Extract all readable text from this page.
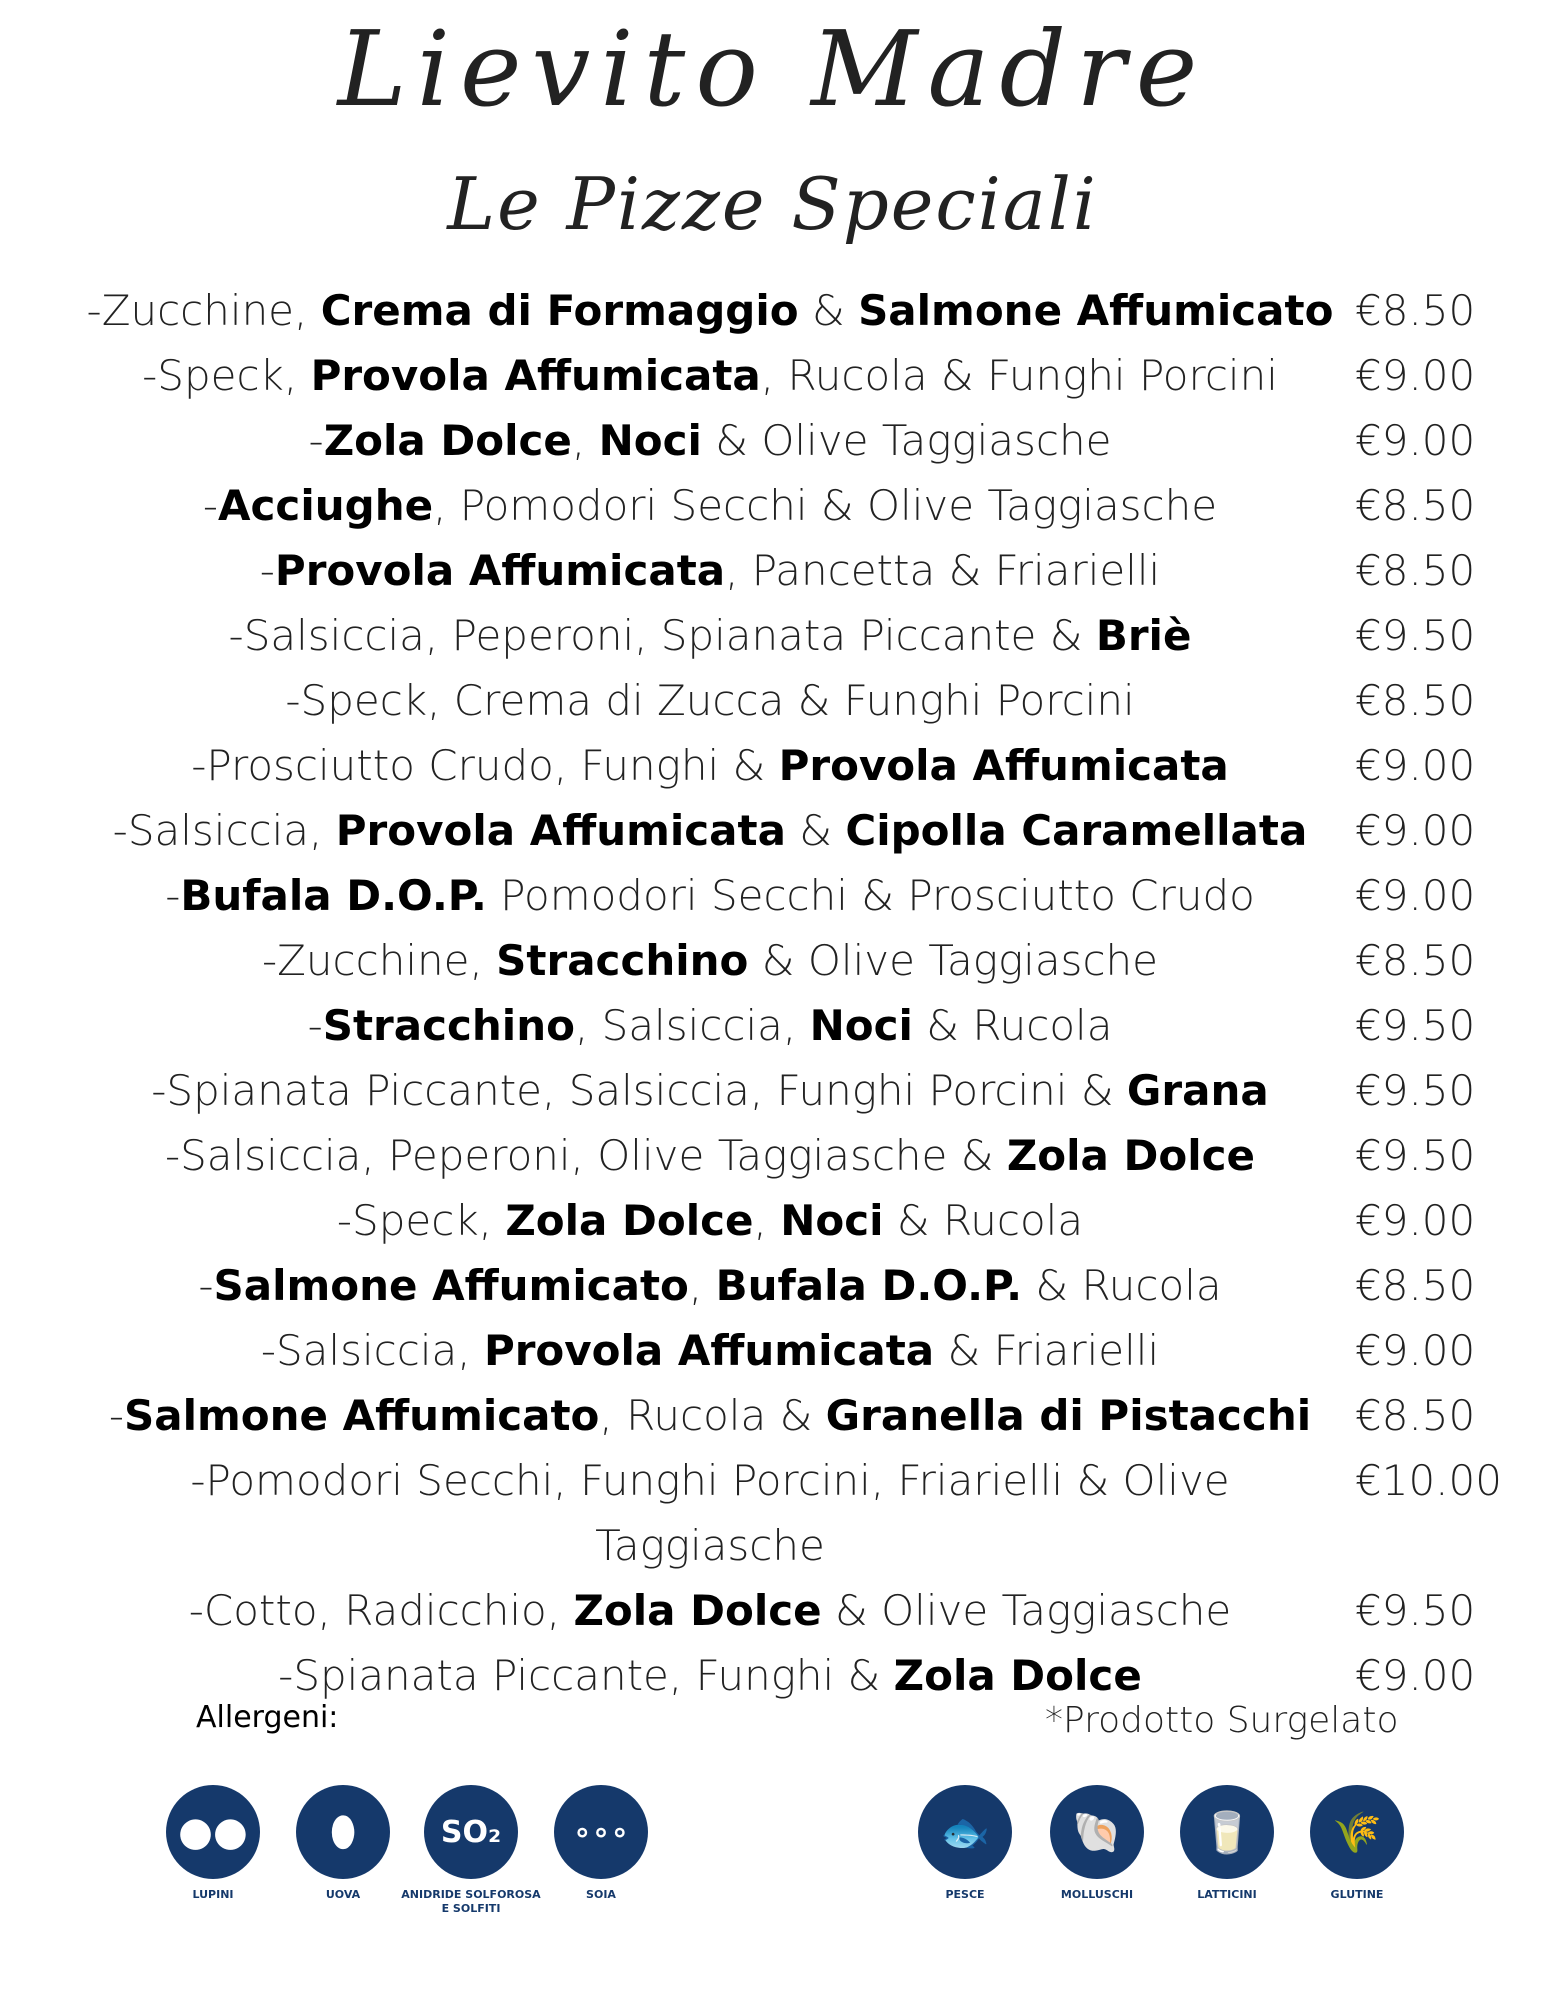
Lievito Madre
Le Pizze Speciali
-Zucchine, Crema di Formaggio & Salmone Affumicato €8.50
-Speck, Provola Affumicata, Rucola & Funghi Porcini	€9.00
-Zola Dolce, Noci & Olive Taggiasche	€9.00
-Acciughe, Pomodori Secchi & Olive Taggiasche	€8.50
-Provola Affumicata, Pancetta & Friarielli	€8.50
-Salsiccia, Peperoni, Spianata Piccante & Briè	€9.50
-Speck, Crema di Zucca & Funghi Porcini	€8.50
-Prosciutto Crudo, Funghi & Provola Affumicata	€9.00
-Salsiccia, Provola Affumicata & Cipolla Caramellata	€9.00
-Bufala D.O.P. Pomodori Secchi & Prosciutto Crudo	€9.00
-Zucchine, Stracchino & Olive Taggiasche	€8.50
-Stracchino, Salsiccia, Noci & Rucola	€9.50
-Spianata Piccante, Salsiccia, Funghi Porcini & Grana	€9.50
-Salsiccia, Peperoni, Olive Taggiasche & Zola Dolce	€9.50
-Speck, Zola Dolce, Noci & Rucola	€9.00
-Salmone Affumicato, Bufala D.O.P. & Rucola	€8.50
-Salsiccia, Provola Affumicata & Friarielli	€9.00
-Salmone Affumicato, Rucola & Granella di Pistacchi	€8.50
-Pomodori Secchi, Funghi Porcini, Friarielli & Olive Taggiasche
€10.00
-Cotto, Radicchio, Zola Dolce & Olive Taggiasche	€9.50
-Spianata Piccante, Funghi & Zola Dolce	€9.00
Allergeni:	*Prodotto Surgelato
●●
LUPINI
⬮
UOVA
SO₂
ANIDRIDE SOLFOROSA E SOLFITI
∘∘∘
SOIA
🐟
PESCE
🐚
MOLLUSCHI
🥛
LATTICINI
🌾
GLUTINE
